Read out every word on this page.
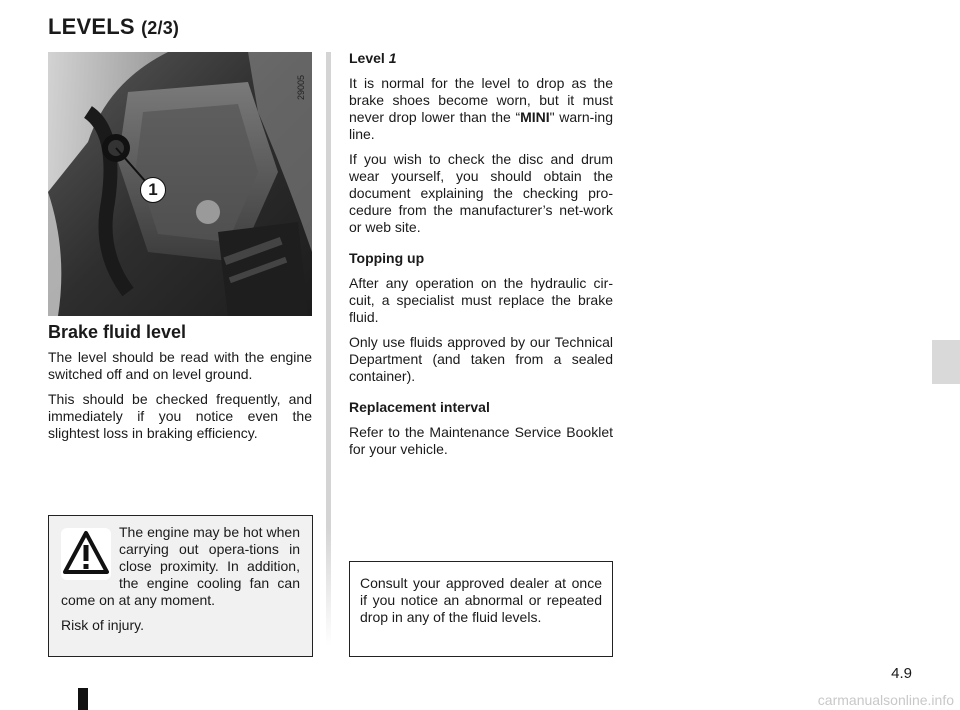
LEVELS (2/3)
1
29005
Brake fluid level

The level should be read with the engine switched off and on level ground.

This should be checked frequently, and immediately if you notice even the slightest loss in braking efficiency.

Level 1

It is normal for the level to drop as the brake shoes become worn, but it must never drop lower than the “MINI" warn-ing line.

If you wish to check the disc and drum wear yourself, you should obtain the document explaining the checking pro-cedure from the manufacturer’s net-work or web site.

Topping up

After any operation on the hydraulic cir-cuit, a specialist must replace the brake fluid.

Only use fluids approved by our Technical Department (and taken from a sealed container).

Replacement interval

Refer to the Maintenance Service Booklet for your vehicle.

The engine may be hot when carrying out opera-tions in close proximity. In addition, the engine cooling fan can come on at any moment.

Risk of injury.

Consult your approved dealer at once if you notice an abnormal or repeated drop in any of the fluid levels.

4.9
carmanualsonline.info
